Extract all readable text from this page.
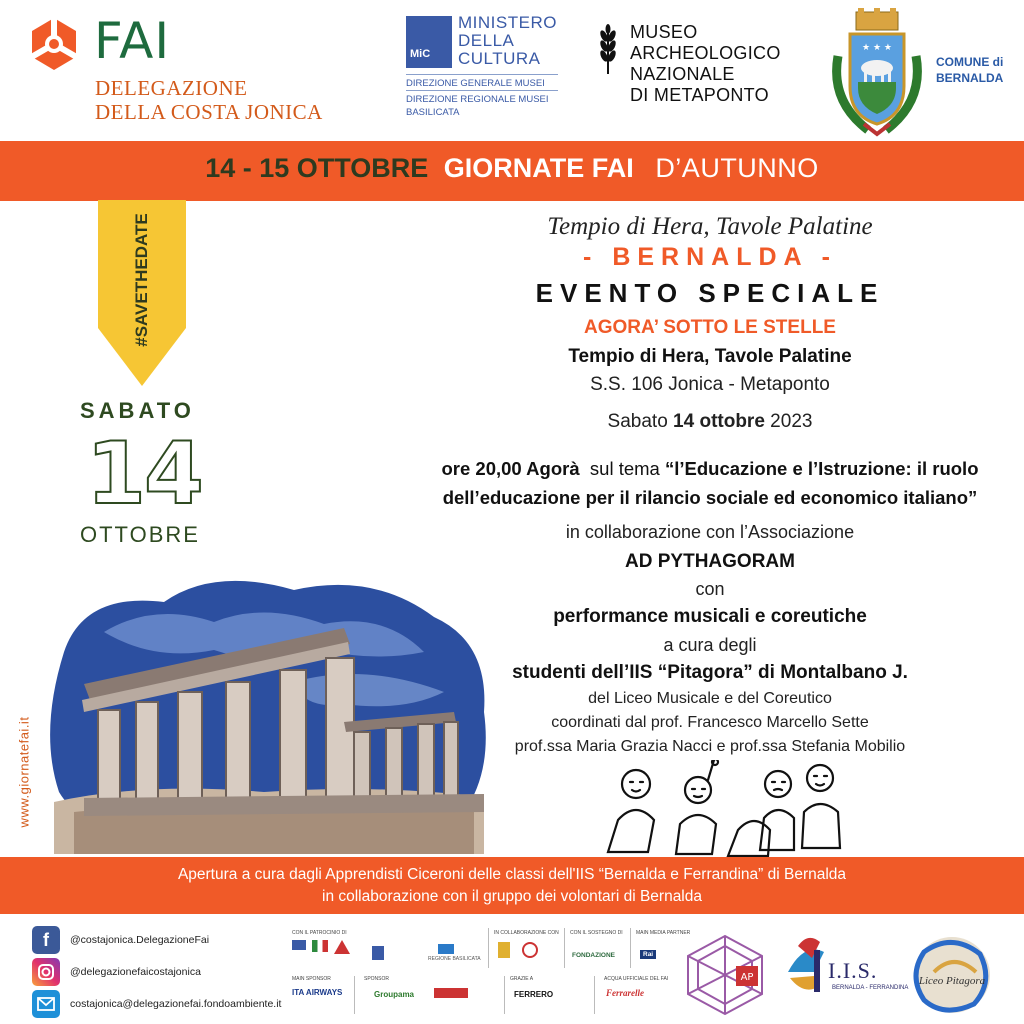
FAI
DELEGAZIONE
DELLA COSTA JONICA
MiC
MINISTERO
DELLA
CULTURA
DIREZIONE GENERALE MUSEI
DIREZIONE REGIONALE MUSEI
BASILICATA
MUSEO
ARCHEOLOGICO
NAZIONALE
DI METAPONTO
★ ★ ★
COMUNE di
BERNALDA
14 - 15 OTTOBRE GIORNATE FAI D’AUTUNNO
#SAVETHEDATE
SABATO
14
OTTOBRE
www.giornatefai.it
Tempio di Hera, Tavole Palatine
- BERNALDA -
EVENTO SPECIALE
AGORA’ SOTTO LE STELLE
Tempio di Hera, Tavole Palatine
S.S. 106 Jonica - Metaponto
Sabato 14 ottobre 2023
ore 20,00 Agorà sul tema “l’Educazione e l’Istruzione: il ruolo
dell’educazione per il rilancio sociale ed economico italiano”
in collaborazione con l’Associazione
AD PYTHAGORAM
con
performance musicali e coreutiche
a cura degli
studenti dell’IIS “Pitagora” di Montalbano J.
del Liceo Musicale e del Coreutico
coordinati dal prof. Francesco Marcello Sette
prof.ssa Maria Grazia Nacci e prof.ssa Stefania Mobilio
Apertura a cura dagli Apprendisti Ciceroni delle classi dell'IIS “Bernalda e Ferrandina” di Bernalda
in collaborazione con il gruppo dei volontari di Bernalda
f	@costajonica.DelegazioneFai
@delegazionefaicostajonica
costajonica@delegazionefai.fondoambiente.it
CON IL PATROCINIO DI	IN COLLABORAZIONE CON CON IL SOSTEGNO DI	MAIN MEDIA PARTNER
MAIN SPONSOR	SPONSOR	GRAZIE A	ACQUA UFFICIALE DEL FAI
REGIONE BASILICATA	FONDAZIONE	Rai
ITA AIRWAYS	Groupama	FERRERO	Ferrarelle
AP	I.I.S.
BERNALDA - FERRANDINA
Liceo Pitagora
